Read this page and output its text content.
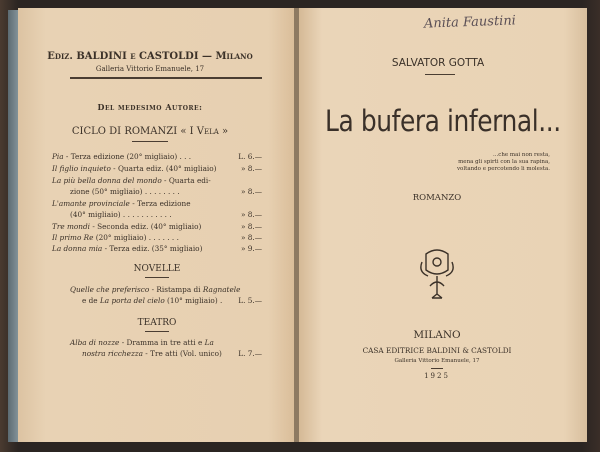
Ediz. BALDINI e CASTOLDI — Milano
Galleria Vittorio Emanuele, 17
Del medesimo Autore:
CICLO DI ROMANZI « I Vela »
Pia - Terza edizione (20° migliaio) . . .	L. 6.—
Il figlio inquieto - Quarta ediz. (40° migliaio)	» 8.—
La più bella donna del mondo - Quarta edi-
zione (50° migliaio) . . . . . . . .	» 8.—
L'amante provinciale - Terza edizione
(40° migliaio) . . . . . . . . . . .	» 8.—
Tre mondi - Seconda ediz. (40° migliaio)	» 8.—
Il primo Re (20° migliaio) . . . . . . .	» 8.—
La donna mia - Terza ediz. (35° migliaio)	» 9.—
NOVELLE
Quelle che preferisco - Ristampa di Ragnatele
e de La porta del cielo (10° migliaio) . L. 5.—
TEATRO
Alba di nozze - Dramma in tre atti e La
nostra ricchezza - Tre atti (Vol. unico) L. 7.—
Anita Faustini
SALVATOR GOTTA
La bufera infernal...
...che mai non resta,
mena gli spirti con la sua rapina,
voltando e percotendo li molesta.
ROMANZO
MILANO
CASA EDITRICE BALDINI & CASTOLDI
Galleria Vittorio Emanuele, 17
1925
